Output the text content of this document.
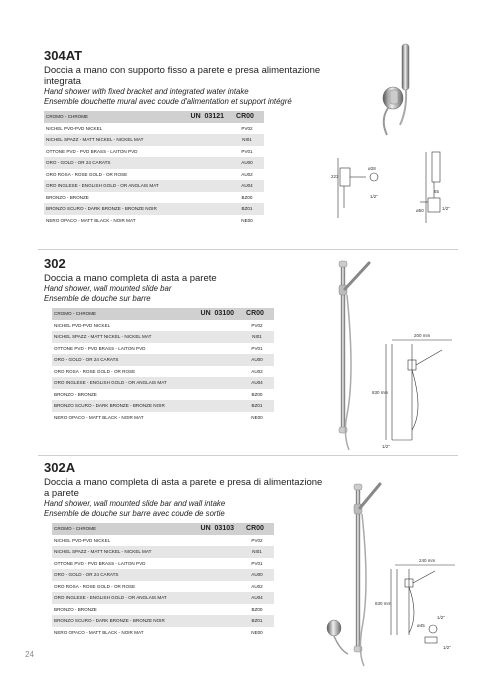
304AT
Doccia a mano con supporto fisso a parete e presa alimentazione integrata
Hand shower with fixed bracket and integrated water intake
Ensemble douchette mural avec coude d'alimentation et support intégré
CROMO - CHROME	UN 03121	CR00
NICHEL PVD-PVD NICKEL		PV02
NICHEL SPAZZ - MATT NICKEL - NICKEL MAT		NI01
OTTONE PVD - PVD BRASS - LAITON PVD		PV01
ORO - GOLD - OR 24 CARATS		AU00
ORO ROSA - ROSE GOLD - OR ROSE		AU02
ORO INGLESE - ENGLISH GOLD - OR ANGLAIS MAT		AU04
BRONZO - BRONZE		BZ00
BRONZO SCURO - DARK BRONZE - BRONZE NOIR		BZ01
NERO OPACO - MATT BLACK - NOIR MAT		NE00
223
ø28
1/2"
65
ø50	1/2"
302
Doccia a mano completa di asta a parete
Hand shower, wall mounted slide bar
Ensemble de douche sur barre
CROMO - CHROME	UN 03100	CR00
NICHEL PVD-PVD NICKEL		PV02
NICHEL SPAZZ - MATT NICKEL - NICKEL MAT		NI01
OTTONE PVD - PVD BRASS - LAITON PVD		PV01
ORO - GOLD - OR 24 CARATS		AU00
ORO ROSA - ROSE GOLD - OR ROSE		AU02
ORO INGLESE - ENGLISH GOLD - OR ANGLAIS MAT		AU04
BRONZO - BRONZE		BZ00
BRONZO SCURO - DARK BRONZE - BRONZE NOIR		BZ01
NERO OPACO - MATT BLACK - NOIR MAT		NE00
200 mm
830 mm
1/2"
302A
Doccia a mano completa di asta a parete e presa di alimentazione a parete
Hand shower, wall mounted slide bar and wall intake
Ensemble de douche sur barre avec coude de sortie
CROMO - CHROME	UN 03103	CR00
NICHEL PVD-PVD NICKEL		PV02
NICHEL SPAZZ - MATT NICKEL - NICKEL MAT		NI01
OTTONE PVD - PVD BRASS - LAITON PVD		PV01
ORO - GOLD - OR 24 CARATS		AU00
ORO ROSA - ROSE GOLD - OR ROSE		AU02
ORO INGLESE - ENGLISH GOLD - OR ANGLAIS MAT		AU04
BRONZO - BRONZE		BZ00
BRONZO SCURO - DARK BRONZE - BRONZE NOIR		BZ01
NERO OPACO - MATT BLACK - NOIR MAT		NE00
240 mm
830 mm
1/2"
ø45
1/2"
24
